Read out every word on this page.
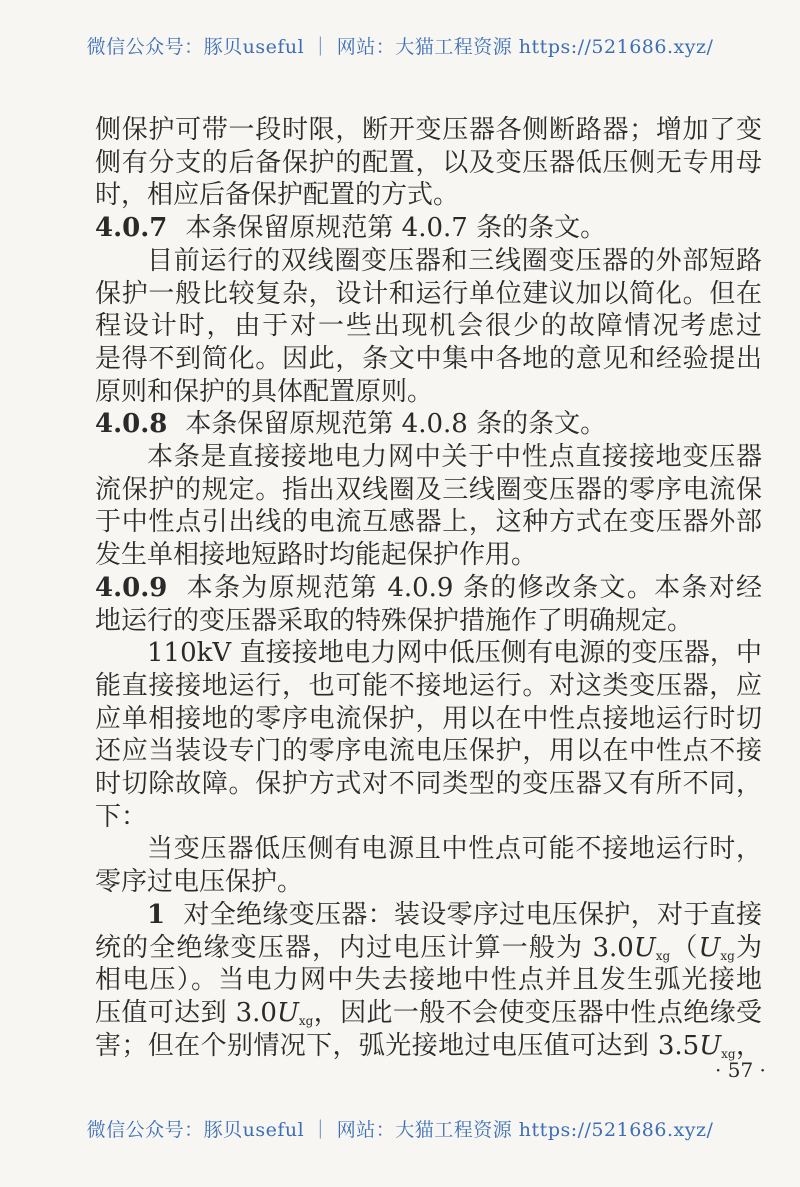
微信公众号：豚贝useful ｜ 网站：大猫工程资源 https://521686.xyz/
侧保护可带一段时限，断开变压器各侧断路器；增加了变
侧有分支的后备保护的配置，以及变压器低压侧无专用母
时，相应后备保护配置的方式。
4.0.7 本条保留原规范第 4.0.7 条的条文。
目前运行的双线圈变压器和三线圈变压器的外部短路
保护一般比较复杂，设计和运行单位建议加以简化。但在
程设计时，由于对一些出现机会很少的故障情况考虑过
是得不到简化。因此，条文中集中各地的意见和经验提出
原则和保护的具体配置原则。
4.0.8 本条保留原规范第 4.0.8 条的条文。
本条是直接接地电力网中关于中性点直接接地变压器
流保护的规定。指出双线圈及三线圈变压器的零序电流保
于中性点引出线的电流互感器上，这种方式在变压器外部
发生单相接地短路时均能起保护作用。
4.0.9 本条为原规范第 4.0.9 条的修改条文。本条对经
地运行的变压器采取的特殊保护措施作了明确规定。
110kV 直接接地电力网中低压侧有电源的变压器，中
能直接接地运行，也可能不接地运行。对这类变压器，应
应单相接地的零序电流保护，用以在中性点接地运行时切
还应当装设专门的零序电流电压保护，用以在中性点不接
时切除故障。保护方式对不同类型的变压器又有所不同，
下：
当变压器低压侧有电源且中性点可能不接地运行时，
零序过电压保护。
1 对全绝缘变压器：装设零序过电压保护，对于直接
统的全绝缘变压器，内过电压计算一般为 $3.0U_{xg}(U_{xg}$为
相电压）。当电力网中失去接地中性点并且发生弧光接地
压值可达到 $3.0U_{xg}$，因此一般不会使变压器中性点绝缘受
害；但在个别情况下，弧光接地过电压值可达到 $3.5U_{xg}$，
· 57 ·
微信公众号：豚贝useful ｜ 网站：大猫工程资源 https://521686.xyz/
